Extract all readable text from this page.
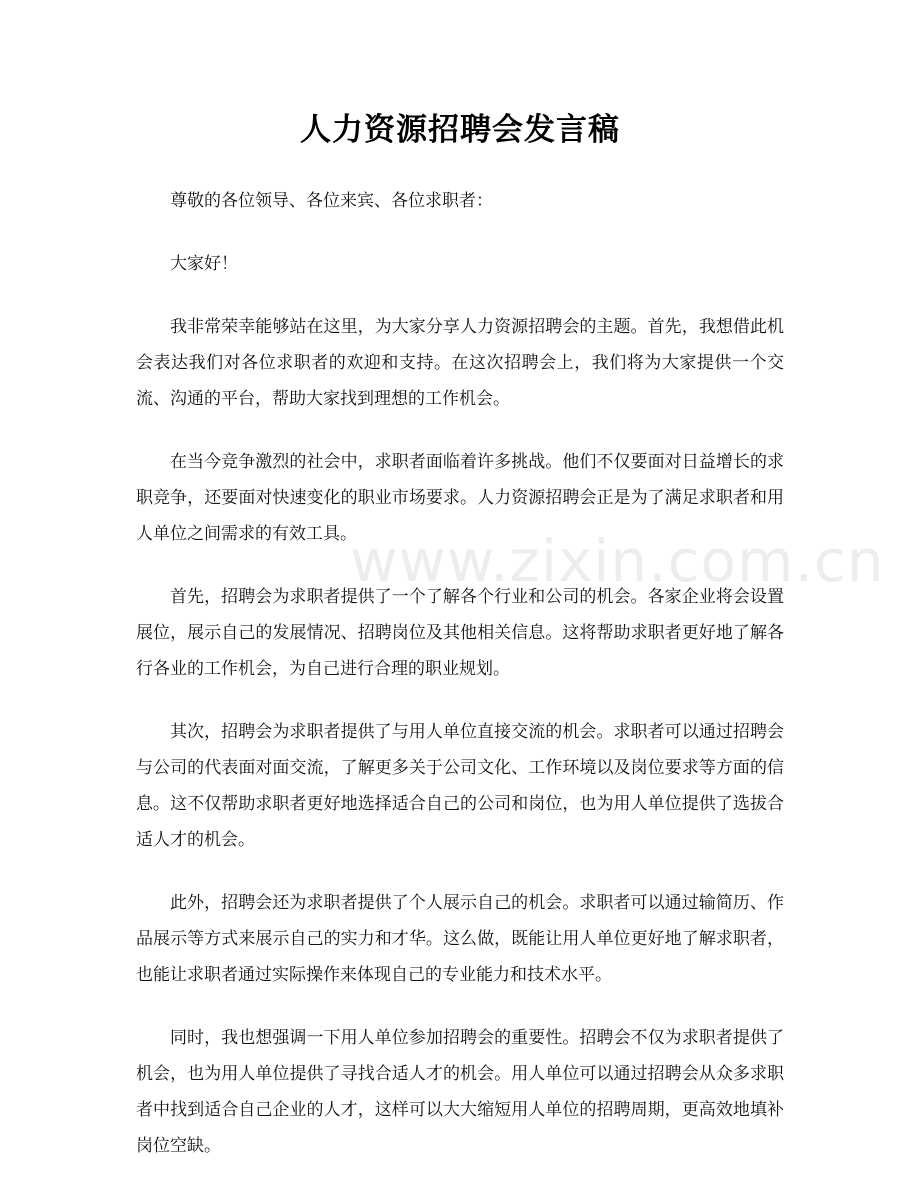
人力资源招聘会发言稿
www.zixin.com.cn

尊敬的各位领导、各位来宾、各位求职者：

大家好！

我非常荣幸能够站在这里，为大家分享人力资源招聘会的主题。首先，我想借此机会表达我们对各位求职者的欢迎和支持。在这次招聘会上，我们将为大家提供一个交流、沟通的平台，帮助大家找到理想的工作机会。

在当今竞争激烈的社会中，求职者面临着许多挑战。他们不仅要面对日益增长的求职竞争，还要面对快速变化的职业市场要求。人力资源招聘会正是为了满足求职者和用人单位之间需求的有效工具。

首先，招聘会为求职者提供了一个了解各个行业和公司的机会。各家企业将会设置展位，展示自己的发展情况、招聘岗位及其他相关信息。这将帮助求职者更好地了解各行各业的工作机会，为自己进行合理的职业规划。

其次，招聘会为求职者提供了与用人单位直接交流的机会。求职者可以通过招聘会与公司的代表面对面交流，了解更多关于公司文化、工作环境以及岗位要求等方面的信息。这不仅帮助求职者更好地选择适合自己的公司和岗位，也为用人单位提供了选拔合适人才的机会。

此外，招聘会还为求职者提供了个人展示自己的机会。求职者可以通过输简历、作品展示等方式来展示自己的实力和才华。这么做，既能让用人单位更好地了解求职者，也能让求职者通过实际操作来体现自己的专业能力和技术水平。

同时，我也想强调一下用人单位参加招聘会的重要性。招聘会不仅为求职者提供了机会，也为用人单位提供了寻找合适人才的机会。用人单位可以通过招聘会从众多求职者中找到适合自己企业的人才，这样可以大大缩短用人单位的招聘周期，更高效地填补岗位空缺。
